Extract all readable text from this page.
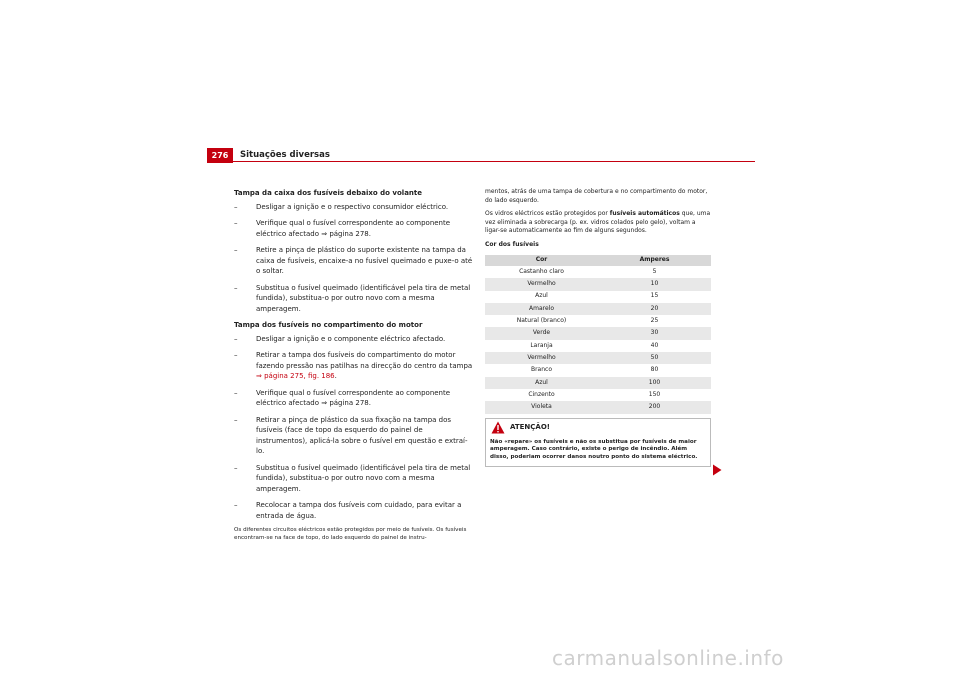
276	Situações diversas
Tampa da caixa dos fusíveis debaixo do volante
–	Desligar a ignição e o respectivo consumidor eléctrico.
–	Verifique qual o fusível correspondente ao componente eléctrico afectado ⇒ página 278.
–	Retire a pinça de plástico do suporte existente na tampa da caixa de fusíveis, encaixe-a no fusível queimado e puxe-o até o soltar.
–	Substitua o fusível queimado (identificável pela tira de metal fundida), substitua-o por outro novo com a mesma amperagem.
Tampa dos fusíveis no compartimento do motor
–	Desligar a ignição e o componente eléctrico afectado.
–	Retirar a tampa dos fusíveis do compartimento do motor fazendo pressão nas patilhas na direcção do centro da tampa
⇒ página 275, fig. 186.
–	Verifique qual o fusível correspondente ao componente eléctrico afectado ⇒ página 278.
–	Retirar a pinça de plástico da sua fixação na tampa dos fusíveis (face de topo da esquerdo do painel de instrumentos), aplicá-la sobre o fusível em questão e extraí-lo.
–	Substitua o fusível queimado (identificável pela tira de metal fundida), substitua-o por outro novo com a mesma amperagem.
–	Recolocar a tampa dos fusíveis com cuidado, para evitar a entrada de água.
Os diferentes circuitos eléctricos estão protegidos por meio de fusíveis. Os fusíveis encontram-se na face de topo, do lado esquerdo do painel de instru-

mentos, atrás de uma tampa de cobertura e no compartimento do motor, do lado esquerdo.

Os vidros eléctricos estão protegidos por fusíveis automáticos que, uma vez eliminada a sobrecarga (p. ex. vidros colados pelo gelo), voltam a ligar-se automaticamente ao fim de alguns segundos.

Cor dos fusíveis
Cor	Amperes
Castanho claro	5
Vermelho	10
Azul	15
Amarelo	20
Natural (branco)	25
Verde	30
Laranja	40
Vermelho	50
Branco	80
Azul	100
Cinzento	150
Violeta	200
ATENÇÃO!
Não «repare» os fusíveis e não os substitua por fusíveis de maior amperagem. Caso contrário, existe o perigo de incêndio. Além disso, poderiam ocorrer danos noutro ponto do sistema eléctrico.
carmanualsonline.info
